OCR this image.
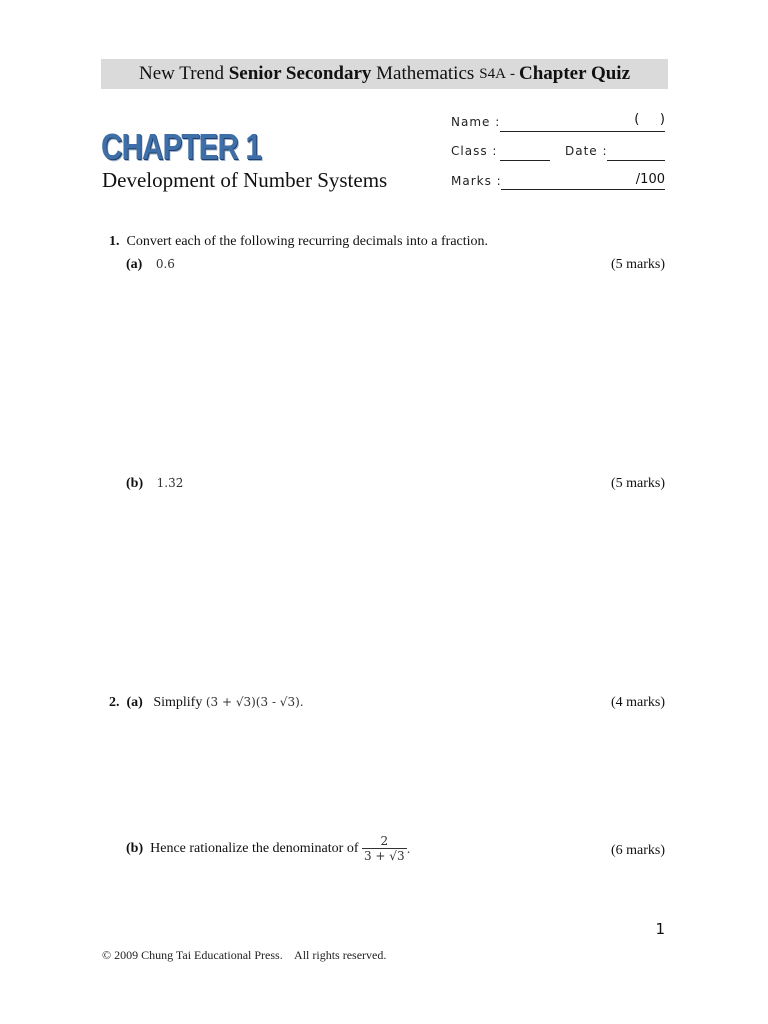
New Trend
Senior Secondary
Mathematics S4A - Chapter Quiz
CHAPTER 1
Development of Number Systems
Name :	(     )
Class :	Date :
Marks :	/100
1. Convert each of the following recurring decimals into a fraction.
(a) 0.6̇	(5 marks)
(b) 1.3̇2̇	(5 marks)
2. (a) Simplify (3 + √3)(3 - √3).	(4 marks)
(b)
Hence rationalize the denominator of
$\frac{2}{3 + √3}$ .	(6 marks)
1
© 2009 Chung Tai Educational Press.    All rights reserved.
